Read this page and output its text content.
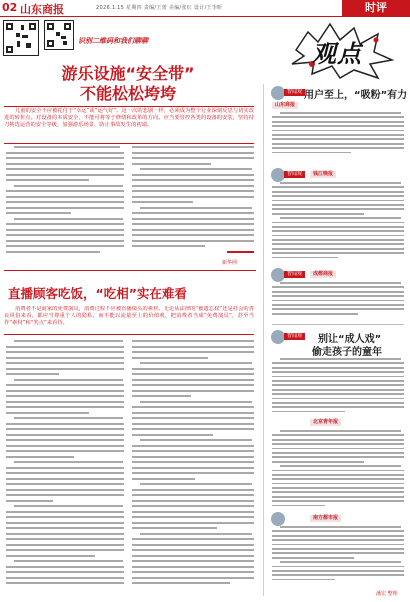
02 山东商报	2026.1.15 星期四 责编/王蕾 美编/张红 设计/王李昕	时评
识别二维码和我们聊聊	观点
游乐设施“安全带”
不能松松垮垮
儿童的安全不应被托付于“幸运”或“运气好”。这一次的悲剧一样，必须成为整个行业深刻反思与切实改进的转折点。对设备的本质安全，不能可将等于修缮和改革的方向。应当要管控各类的设备的安装，坚持持刀挑选运营的安全等级，加强游乐场景，防止事故发生的初端。
新华网
直播顾客吃饭，“吃相”实在难看
消费者不是商家的免费演员，消费过程不应被直播镜头的素材。无论从法律的“被遗忘权”还是社会的善良风俗来看，都应当尊重个人的隐私，而不能以流量至上的价值观，把消费者当成“免费演员”，甚至当作“素材”和“笑点”来看待。
智闻观 用户至上，“吸粉”有力
山东商报
智闻观	钱江晚报
智闻观	成都商报
智闻观	别让“成人戏”
偷走孩子的童年
北京青年报
南方都市报
潘宏 整理
